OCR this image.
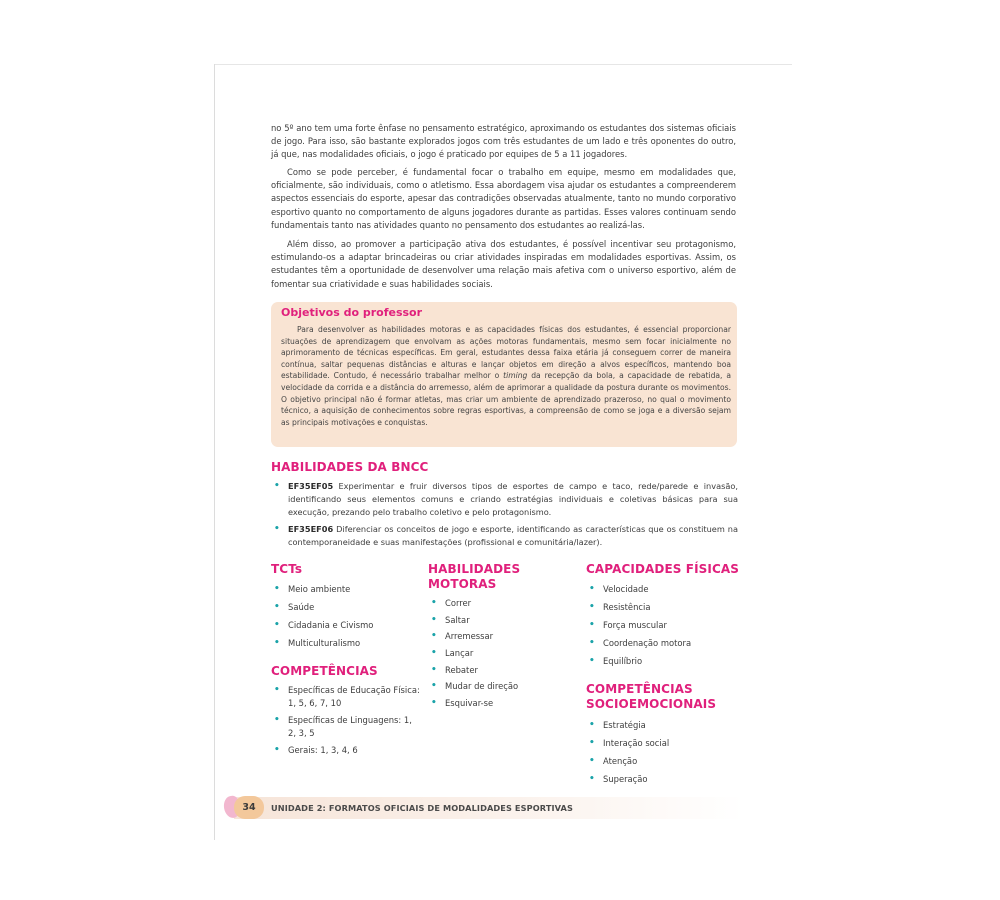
no 5º ano tem uma forte ênfase no pensamento estratégico, aproximando os estudantes dos sistemas oficiais de jogo. Para isso, são bastante explorados jogos com três estudantes de um lado e três oponentes do outro, já que, nas modalidades oficiais, o jogo é praticado por equipes de 5 a 11 jogadores.

Como se pode perceber, é fundamental focar o trabalho em equipe, mesmo em modalidades que, oficialmente, são individuais, como o atletismo. Essa abordagem visa ajudar os estudantes a compreenderem aspectos essenciais do esporte, apesar das contradições observadas atualmente, tanto no mundo corporativo esportivo quanto no comportamento de alguns jogadores durante as partidas. Esses valores continuam sendo fundamentais tanto nas atividades quanto no pensamento dos estudantes ao realizá-las.

Além disso, ao promover a participação ativa dos estudantes, é possível incentivar seu protagonismo, estimulando-os a adaptar brincadeiras ou criar atividades inspiradas em modalidades esportivas. Assim, os estudantes têm a oportunidade de desenvolver uma relação mais afetiva com o universo esportivo, além de fomentar sua criatividade e suas habilidades sociais.

Objetivos do professor
Para desenvolver as habilidades motoras e as capacidades físicas dos estudantes, é essencial proporcionar situações de aprendizagem que envolvam as ações motoras fundamentais, mesmo sem focar inicialmente no aprimoramento de técnicas específicas. Em geral, estudantes dessa faixa etária já conseguem correr de maneira contínua, saltar pequenas distâncias e alturas e lançar objetos em direção a alvos específicos, mantendo boa estabilidade. Contudo, é necessário trabalhar melhor o timing da recepção da bola, a capacidade de rebatida, a velocidade da corrida e a distância do arremesso, além de aprimorar a qualidade da postura durante os movimentos. O objetivo principal não é formar atletas, mas criar um ambiente de aprendizado prazeroso, no qual o movimento técnico, a aquisição de conhecimentos sobre regras esportivas, a compreensão de como se joga e a diversão sejam as principais motivações e conquistas.
HABILIDADES DA BNCC
• EF35EF05 Experimentar e fruir diversos tipos de esportes de campo e taco, rede/parede e invasão, identificando seus elementos comuns e criando estratégias individuais e coletivas básicas para sua execução, prezando pelo trabalho coletivo e pelo protagonismo.
• EF35EF06 Diferenciar os conceitos de jogo e esporte, identificando as características que os constituem na contemporaneidade e suas manifestações (profissional e comunitária/lazer).
TCTs
• Meio ambiente
• Saúde
• Cidadania e Civismo
• Multiculturalismo
COMPETÊNCIAS
• Específicas de Educação Física: 1, 5, 6, 7, 10
• Específicas de Linguagens: 1, 2, 3, 5
• Gerais: 1, 3, 4, 6
HABILIDADES MOTORAS
• Correr
• Saltar
• Arremessar
• Lançar
• Rebater
• Mudar de direção
• Esquivar-se
CAPACIDADES FÍSICAS
• Velocidade
• Resistência
• Força muscular
• Coordenação motora
• Equilíbrio
COMPETÊNCIAS SOCIOEMOCIONAIS
• Estratégia
• Interação social
• Atenção
• Superação
34	UNIDADE 2: FORMATOS OFICIAIS DE MODALIDADES ESPORTIVAS
